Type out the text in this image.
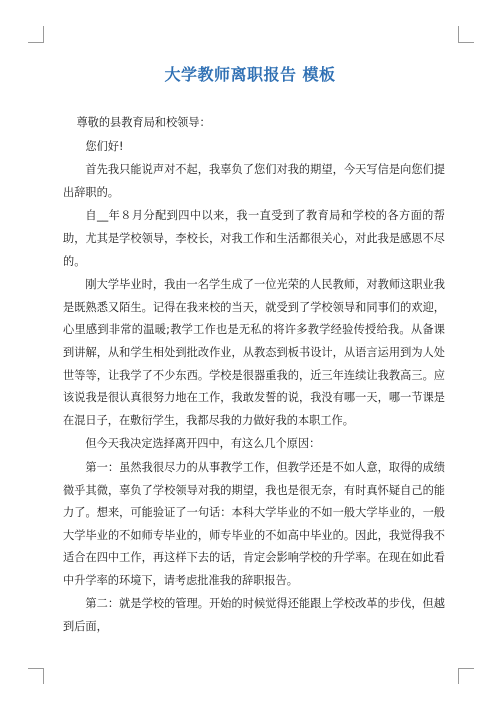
大学教师离职报告 模板

尊敬的县教育局和校领导：

您们好!

首先我只能说声对不起，我辜负了您们对我的期望，今天写信是向您们提出辞职的。

自__年８月分配到四中以来，我一直受到了教育局和学校的各方面的帮助，尤其是学校领导，李校长，对我工作和生活都很关心，对此我是感恩不尽的。

刚大学毕业时，我由一名学生成了一位光荣的人民教师，对教师这职业我是既熟悉又陌生。记得在我来校的当天，就受到了学校领导和同事们的欢迎，心里感到非常的温暖;教学工作也是无私的将许多教学经验传授给我。从备课到讲解，从和学生相处到批改作业，从教态到板书设计，从语言运用到为人处世等等，让我学了不少东西。学校是很器重我的，近三年连续让我教高三。应该说我是很认真很努力地在工作，我敢发誓的说，我没有哪一天，哪一节课是在混日子，在敷衍学生，我都尽我的力做好我的本职工作。

但今天我决定选择离开四中，有这么几个原因：

第一：虽然我很尽力的从事教学工作，但教学还是不如人意，取得的成绩微乎其微，辜负了学校领导对我的期望，我也是很无奈，有时真怀疑自己的能力了。想来，可能验证了一句话：本科大学毕业的不如一般大学毕业的，一般大学毕业的不如师专毕业的，师专毕业的不如高中毕业的。因此，我觉得我不适合在四中工作，再这样下去的话，肯定会影响学校的升学率。在现在如此看中升学率的环境下，请考虑批准我的辞职报告。

第二：就是学校的管理。开始的时候觉得还能跟上学校改革的步伐，但越到后面，
